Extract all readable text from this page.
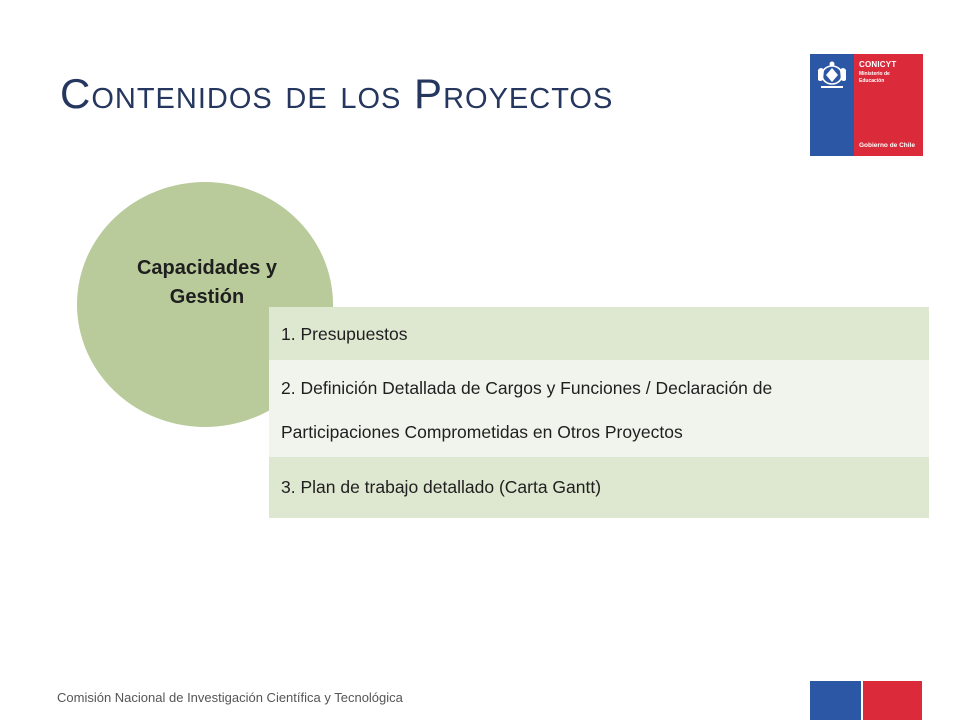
Contenidos de los Proyectos
CONICYT
Ministerio de
Educación
Gobierno de Chile
Capacidades y
Gestión
1. Presupuestos
2. Definición Detallada de Cargos y Funciones / Declaración de
Participaciones Comprometidas en Otros Proyectos
3. Plan de trabajo detallado (Carta Gantt)
Comisión Nacional de Investigación Científica y Tecnológica
